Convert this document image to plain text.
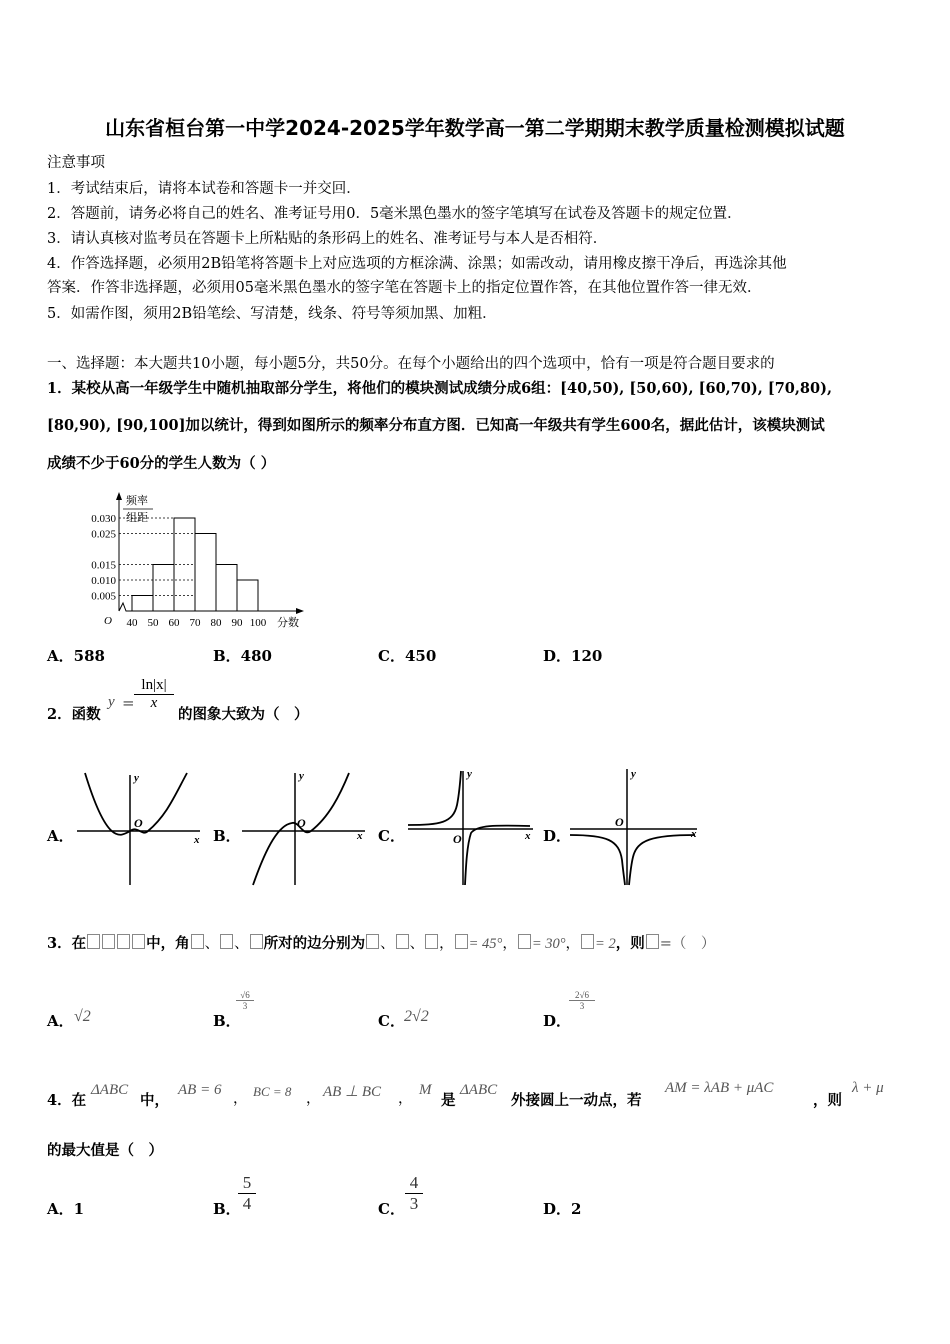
山东省桓台第一中学2024-2025学年数学高一第二学期期末教学质量检测模拟试题
注意事项
1．考试结束后，请将本试卷和答题卡一并交回．
2．答题前，请务必将自己的姓名、准考证号用0．5毫米黑色墨水的签字笔填写在试卷及答题卡的规定位置．
3．请认真核对监考员在答题卡上所粘贴的条形码上的姓名、准考证号与本人是否相符．
4．作答选择题，必须用2B铅笔将答题卡上对应选项的方框涂满、涂黑；如需改动，请用橡皮擦干净后，再选涂其他
答案．作答非选择题，必须用05毫米黑色墨水的签字笔在答题卡上的指定位置作答，在其他位置作答一律无效．
5．如需作图，须用2B铅笔绘、写清楚，线条、符号等须加黑、加粗．
一、选择题：本大题共10小题，每小题5分，共50分。在每个小题给出的四个选项中，恰有一项是符合题目要求的
1．某校从高一年级学生中随机抽取部分学生，将他们的模块测试成绩分成6组：[40,50), [50,60), [60,70), [70,80),
[80,90), [90,100]加以统计，得到如图所示的频率分布直方图．已知高一年级共有学生600名，据此估计，该模块测试
成绩不少于60分的学生人数为（ ）
频率
组距
0.030
0.025
0.015
0.010
0.005
40 50 60 70 80 90 100
O	分数
A．588	B．480	C．450	D．120
2．函数
$y = \frac{\ln|x|}{x}$
的图象大致为（　）
A．
y
x
O
B．
y
x
O
C．
y
x
O	D．
y
x
O
3．在	中，角 、 、 所对的边分别为 、 、 ， = 45°， = 30°， = 2，则 =（　）
A． √2	B．
$\frac{√6}{3}$
C． 2√2	D．
$\frac{2√6}{3}$
4．在
ΔABC
中，
AB = 6
， BC = 8 ， AB ⊥ BC ，
M
是
ΔABC
外接圆上一动点，若
AM = λAB + μAC
，则
λ + μ
的最大值是（　）
A．1	B．
$\frac{5}{4}$	C． $\frac{4}{3}$	D．2
